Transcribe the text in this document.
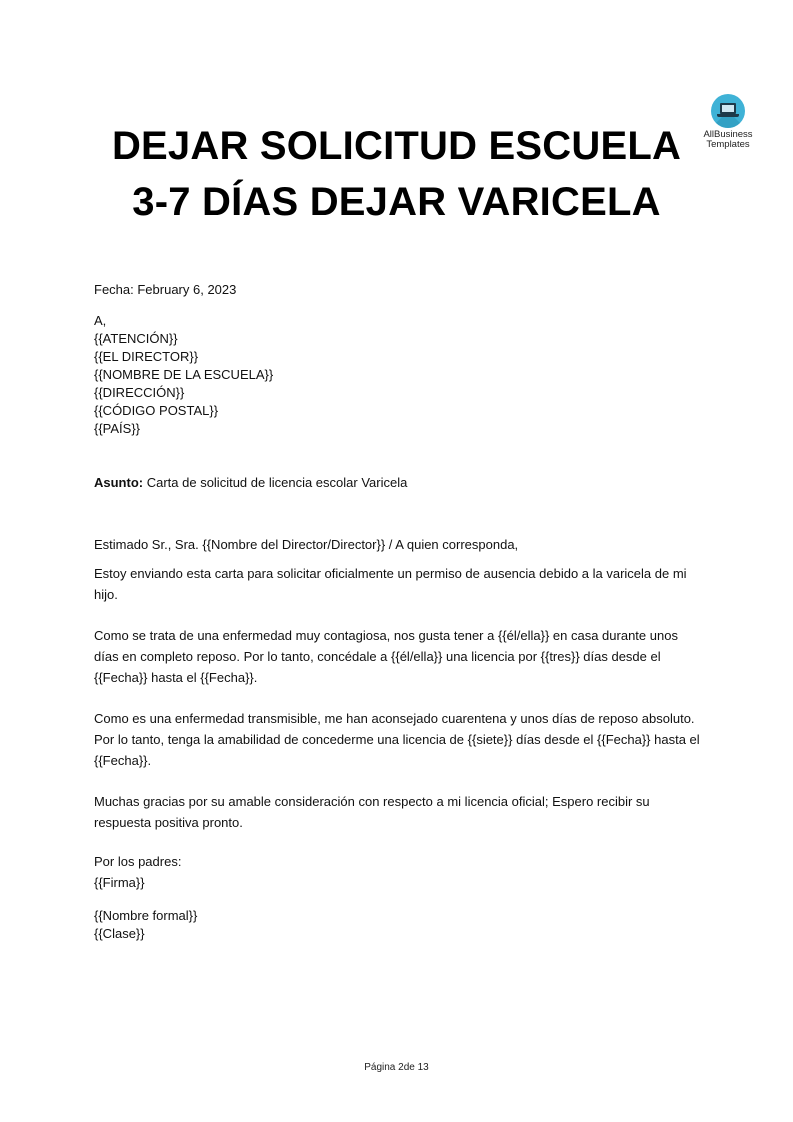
AllBusiness
Templates
DEJAR SOLICITUD ESCUELA
3-7 DÍAS DEJAR VARICELA
Fecha: February 6, 2023
A,
{{ATENCIÓN}}
{{EL DIRECTOR}}
{{NOMBRE DE LA ESCUELA}}
{{DIRECCIÓN}}
{{CÓDIGO POSTAL}}
{{PAÍS}}
Asunto: Carta de solicitud de licencia escolar Varicela
Estimado Sr., Sra. {{Nombre del Director/Director}} / A quien corresponda,

Estoy enviando esta carta para solicitar oficialmente un permiso de ausencia debido a la varicela de mi hijo.

Como se trata de una enfermedad muy contagiosa, nos gusta tener a {{él/ella}} en casa durante unos días en completo reposo. Por lo tanto, concédale a {{él/ella}} una licencia por {{tres}} días desde el {{Fecha}} hasta el {{Fecha}}.

Como es una enfermedad transmisible, me han aconsejado cuarentena y unos días de reposo absoluto. Por lo tanto, tenga la amabilidad de concederme una licencia de {{siete}} días desde el {{Fecha}} hasta el {{Fecha}}.

Muchas gracias por su amable consideración con respecto a mi licencia oficial; Espero recibir su respuesta positiva pronto.

Por los padres:
{{Firma}}
{{Nombre formal}}
{{Clase}}
Página 2de 13
